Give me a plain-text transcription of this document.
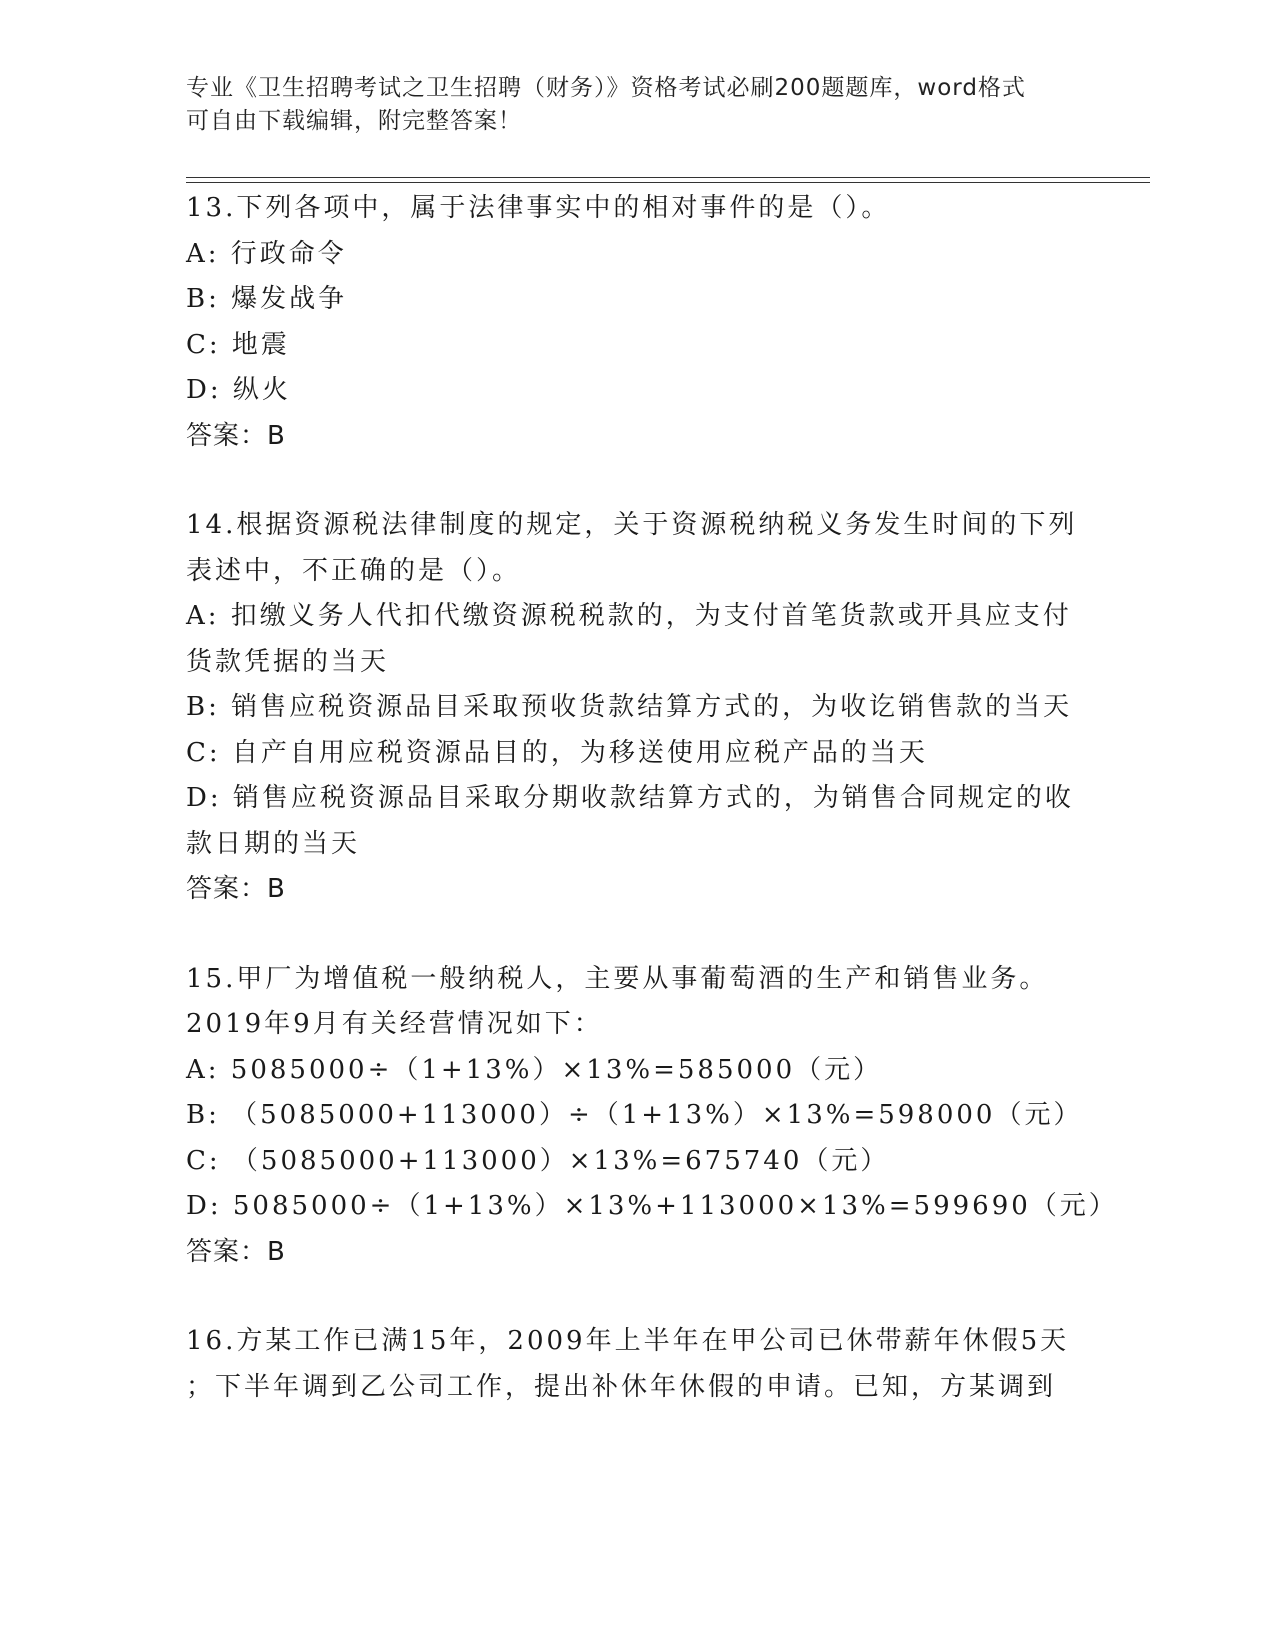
专业《卫生招聘考试之卫生招聘（财务）》资格考试必刷200题题库，word格式
可自由下载编辑，附完整答案！
13.下列各项中，属于法律事实中的相对事件的是（）。
A: 行政命令
B: 爆发战争
C: 地震
D: 纵火
答案：B
14.根据资源税法律制度的规定，关于资源税纳税义务发生时间的下列
表述中，不正确的是（）。
A: 扣缴义务人代扣代缴资源税税款的，为支付首笔货款或开具应支付
货款凭据的当天
B: 销售应税资源品目采取预收货款结算方式的，为收讫销售款的当天
C: 自产自用应税资源品目的，为移送使用应税产品的当天
D: 销售应税资源品目采取分期收款结算方式的，为销售合同规定的收
款日期的当天
答案：B
15.甲厂为增值税一般纳税人，主要从事葡萄酒的生产和销售业务。
2019年9月有关经营情况如下：
A: 5085000÷（1+13%）×13%=585000（元）
B: （5085000+113000）÷（1+13%）×13%=598000（元）
C: （5085000+113000）×13%=675740（元）
D: 5085000÷（1+13%）×13%+113000×13%=599690（元）
答案：B
16.方某工作已满15年，2009年上半年在甲公司已休带薪年休假5天
；下半年调到乙公司工作，提出补休年休假的申请。已知，方某调到
